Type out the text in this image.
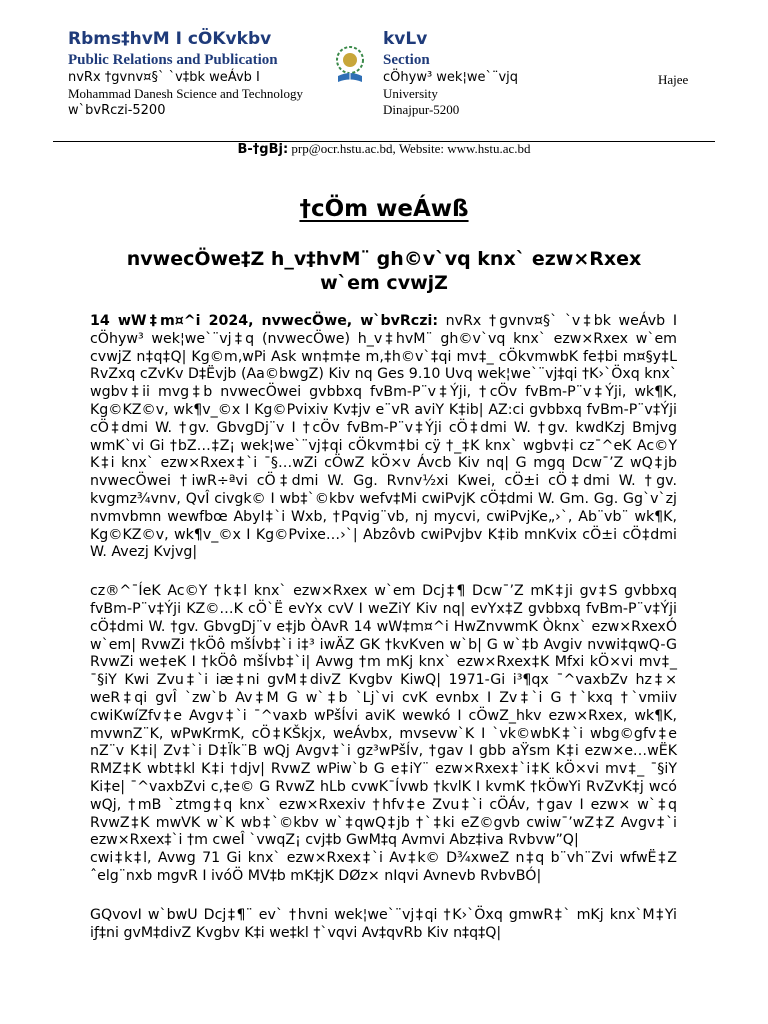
Rbms‡hvM I cÖKvkbv
Public Relations and Publication
nvRx †gvnv¤§` `v‡bk weÁvb I
Mohammad Danesh Science and Technology
w`bvRczi-5200
kvLv
Section
cÖhyw³ wek¦we`¨vjq
University
Dinajpur-5200
Hajee
B-†gBj: prp@ocr.hstu.ac.bd, Website: www.hstu.ac.bd
†cÖm weÁwß
nvwecÖwe‡Z h_v‡hvM¨ gh©v`vq knx` ezw×Rxex w`em cvwjZ

14 wW‡m¤^i 2024, nvwecÖwe, w`bvRczi: nvRx †gvnv¤§` `v‡bk weÁvb I cÖhyw³ wek¦we`¨vj‡q (nvwecÖwe) h_v‡hvM¨ gh©v`vq knx` ezw×Rxex w`em cvwjZ n‡q‡Q| Kg©m‚wPi Ask wn‡m‡e m‚‡h©v`‡qi mv‡_ cÖkvmwbK fe‡bi m¤§y‡L RvZxq cZvKv D‡Ëvjb (Aa©bwgZ) Kiv nq Ges 9.10 Uvq wek¦we`¨vj‡qi †K›`Öxq knx` wgbv‡ii mvg‡b nvwecÖwei gvbbxq fvBm-P¨v‡Ýji, †cÖv fvBm-P¨v‡Ýji, wk¶K, Kg©KZ©v, wk¶v_©x I Kg©Pvixiv Kv‡jv e¨vR aviY K‡ib| AZ:ci gvbbxq fvBm-P¨v‡Ýji cÖ‡dmi W. †gv. GbvgDj¨v I †cÖv fvBm-P¨v‡Ýji cÖ‡dmi W. †gv. kwdKzj Bmjvg wmK`vi Gi †bZ…‡Z¡ wek¦we`¨vj‡qi cÖkvm‡bi cÿ †_‡K knx` wgbv‡i cz¯^eK Ac©Y K‡i knx` ezw×Rxex‡`i ¯§…wZi cÖwZ kÖ×v Ávcb Kiv nq| G mgq Dcw¯’Z wQ‡jb nvwecÖwei †iwR÷ªvi cÖ‡dmi W. Gg. Rvnv½xi Kwei, cÖ±i cÖ‡dmi W. †gv. kvgmz¾vnv, QvÎ civgk© I wb‡`©kbv wefv‡Mi cwiPvjK cÖ‡dmi W. Gm. Gg. Gg`v`zj nvmvbmn wewfbœ Abyl‡`i Wxb, †Pqvig¨vb, nj mycvi, cwiPvjKe„›`, Ab¨vb¨ wk¶K, Kg©KZ©v, wk¶v_©x I Kg©Pvixe…›`| Abzôvb cwiPvjbv K‡ib mnKvix cÖ±i cÖ‡dmi W. Avezj Kvjvg|

cz®^¯ÍeK Ac©Y †k‡l knx` ezw×Rxex w`em Dcj‡¶ Dcw¯’Z mK‡ji gv‡S gvbbxq fvBm-P¨v‡Ýji KZ©…K cÖ`Ë evYx cvV I weZiY Kiv nq| evYx‡Z gvbbxq fvBm-P¨v‡Ýji cÖ‡dmi W. †gv. GbvgDj¨v e‡jb ÒAvR 14 wW‡m¤^i HwZnvwmK Òknx` ezw×RxexÓ w`em| RvwZi †kÖô mšÍvb‡`i i‡³ iwÄZ GK †kvKven w`b| G w`‡b Avgiv nvwi‡qwQ-G RvwZi we‡eK I †kÖô mšÍvb‡`i| Avwg †m mKj knx` ezw×Rxex‡K Mfxi kÖ×vi mv‡_ ¯§iY Kwi Zvu‡`i iæ‡ni gvM‡divZ Kvgbv KiwQ| 1971-Gi i³¶qx ¯^vaxbZv hz‡× weR‡qi gvÎ `zw`b Av‡M G w`‡b `Lj`vi cvK evnbx I Zv‡`i G †`kxq †`vmiiv cwiKwíZfv‡e Avgv‡`i ¯^vaxb wPšÍvi aviK wewkó I cÖwZ_hkv ezw×Rxex, wk¶K, mvwnZ¨K, wPwKrmK, cÖ‡KŠkjx, weÁvbx, mvsevw`K I `vk©wbK‡`i wbg©gfv‡e nZ¨v K‡i| Zv‡`i D‡Ïk¨B wQj Avgv‡`i gz³wPšÍv, †gav I gbb aŸsm K‡i ezw×e…wËK RMZ‡K wbt‡kl K‡i †djv| RvwZ wPiw`b G e‡iY¨ ezw×Rxex‡`i‡K kÖ×vi mv‡_ ¯§iY Ki‡e| ¯^vaxbZvi c‚‡e© G RvwZ hLb cvwK¯Ívwb †kvlK I kvmK †kÖwYi RvZvK‡j wcó wQj, †mB `ztmg‡q knx` ezw×Rxexiv †hfv‡e Zvu‡`i cÖÁv, †gav I ezw× w`‡q RvwZ‡K mwVK w`K wb‡`©kbv w`‡qwQ‡jb †`‡ki eZ©gvb cwiw¯’wZ‡Z Avgv‡`i ezw×Rxex‡`i †m cweÎ `vwqZ¡ cvj‡b GwM‡q Avmvi Abz‡iva Rvbvw”Q|

cwi‡k‡l, Avwg 71 Gi knx` ezw×Rxex‡`i Av‡k© D¾xweZ n‡q b¨vh¨Zvi wfwË‡Z ˆelg¨nxb mgvR I ivóÖ MV‡b mK‡jK DØz× nIqvi Avnevb RvbvBÓ|

GQvovI w`bwU Dcj‡¶¨ ev` †hvni wek¦we`¨vj‡qi †K›`Öxq gmwR‡` mKj knx`M‡Yi iƒ‡ni gvM‡divZ Kvgbv K‡i we‡kl †`vqvi Av‡qvRb Kiv n‡q‡Q|
